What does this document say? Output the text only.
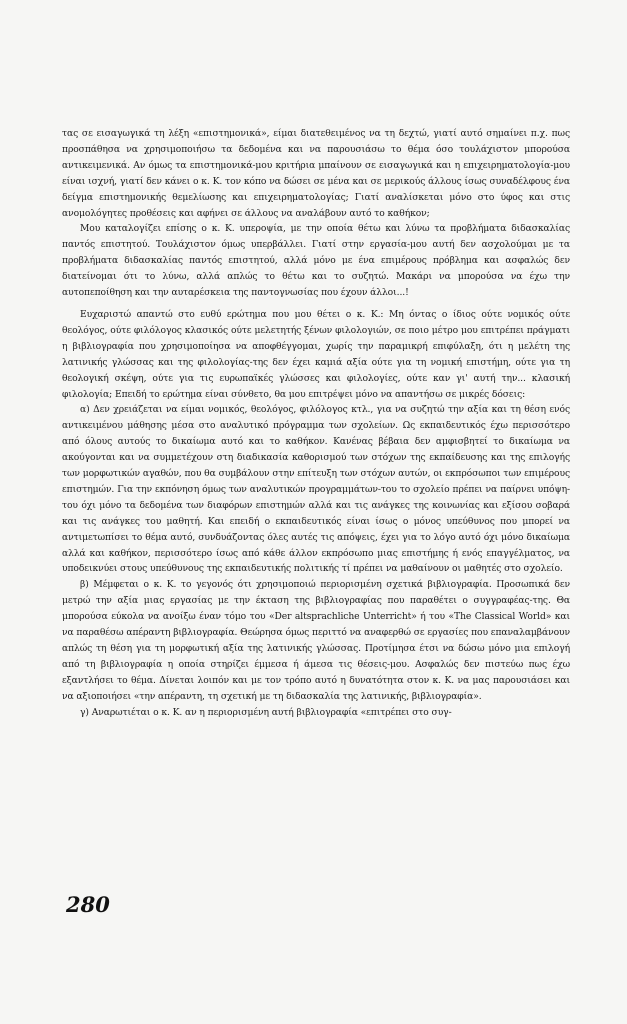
τας σε εισαγωγικά τη λέξη «επιστημονικά», είμαι διατεθειμένος να τη δεχτώ, γιατί αυτό σημαίνει π.χ. πως προσπάθησα να χρησιμοποιήσω τα δεδομένα και να παρουσιάσω το θέμα όσο τουλάχιστον μπορούσα αντικειμενικά. Αν όμως τα επιστημονικά-μου κριτήρια μπαίνουν σε εισαγωγικά και η επιχειρηματολογία-μου είναι ισχνή, γιατί δεν κάνει ο κ. Κ. τον κόπο να δώσει σε μένα και σε μερικούς άλλους ίσως συναδέλφους ένα δείγμα επιστημονικής θεμελίωσης και επιχειρηματολογίας; Γιατί αναλίσκεται μόνο στο ύφος και στις ανομολόγητες προθέσεις και αφήνει σε άλλους να αναλάβουν αυτό το καθήκον;

Μου καταλογίζει επίσης ο κ. Κ. υπεροψία, με την οποία θέτω και λύνω τα προβλήματα διδασκαλίας παντός επιστητού. Τουλάχιστον όμως υπερβάλλει. Γιατί στην εργασία-μου αυτή δεν ασχολούμαι με τα προβλήματα διδασκαλίας παντός επιστητού, αλλά μόνο με ένα επιμέρους πρόβλημα και ασφαλώς δεν διατείνομαι ότι το λύνω, αλλά απλώς το θέτω και το συζητώ. Μακάρι να μπορούσα να έχω την αυτοπεποίθηση και την αυταρέσκεια της παντογνωσίας που έχουν άλλοι...!

Ευχαριστώ απαντώ στο ευθύ ερώτημα που μου θέτει ο κ. Κ.: Μη όντας ο ίδιος ούτε νομικός ούτε θεολόγος, ούτε φιλόλογος κλασικός ούτε μελετητής ξένων φιλολογιών, σε ποιο μέτρο μου επιτρέπει πράγματι η βιβλιογραφία που χρησιμοποίησα να αποφθέγγομαι, χωρίς την παραμικρή επιφύλαξη, ότι η μελέτη της λατινικής γλώσσας και της φιλολογίας-της δεν έχει καμιά αξία ούτε για τη νομική επιστήμη, ούτε για τη θεολογική σκέψη, ούτε για τις ευρωπαϊκές γλώσσες και φιλολογίες, ούτε καν γι' αυτή την... κλασική φιλολογία; Επειδή το ερώτημα είναι σύνθετο, θα μου επιτρέψει μόνο να απαντήσω σε μικρές δόσεις:

α) Δεν χρειάζεται να είμαι νομικός, θεολόγος, φιλόλογος κτλ., για να συζητώ την αξία και τη θέση ενός αντικειμένου μάθησης μέσα στο αναλυτικό πρόγραμμα των σχολείων. Ως εκπαιδευτικός έχω περισσότερο από όλους αυτούς το δικαίωμα αυτό και το καθήκον. Κανένας βέβαια δεν αμφισβητεί το δικαίωμα να ακούγονται και να συμμετέχουν στη διαδικασία καθορισμού των στόχων της εκπαίδευσης και της επιλογής των μορφωτικών αγαθών, που θα συμβάλουν στην επίτευξη των στόχων αυτών, οι εκπρόσωποι των επιμέρους επιστημών. Για την εκπόνηση όμως των αναλυτικών προγραμμάτων-του το σχολείο πρέπει να παίρνει υπόψη-του όχι μόνο τα δεδομένα των διαφόρων επιστημών αλλά και τις ανάγκες της κοινωνίας και εξίσου σοβαρά και τις ανάγκες του μαθητή. Και επειδή ο εκπαιδευτικός είναι ίσως ο μόνος υπεύθυνος που μπορεί να αντιμετωπίσει το θέμα αυτό, συνδυάζοντας όλες αυτές τις απόψεις, έχει για το λόγο αυτό όχι μόνο δικαίωμα αλλά και καθήκον, περισσότερο ίσως από κάθε άλλον εκπρόσωπο μιας επιστήμης ή ενός επαγγέλματος, να υποδεικνύει στους υπεύθυνους της εκπαιδευτικής πολιτικής τί πρέπει να μαθαίνουν οι μαθητές στο σχολείο.

β) Μέμφεται ο κ. Κ. το γεγονός ότι χρησιμοποιώ περιορισμένη σχετικά βιβλιογραφία. Προσωπικά δεν μετρώ την αξία μιας εργασίας με την έκταση της βιβλιογραφίας που παραθέτει ο συγγραφέας-της. Θα μπορούσα εύκολα να ανοίξω έναν τόμο του «Der altsprachliche Unterricht» ή του «The Classical World» και να παραθέσω απέραντη βιβλιογραφία. Θεώρησα όμως περιττό να αναφερθώ σε εργασίες που επαναλαμβάνουν απλώς τη θέση για τη μορφωτική αξία της λατινικής γλώσσας. Προτίμησα έτσι να δώσω μόνο μια επιλογή από τη βιβλιογραφία η οποία στηρίζει έμμεσα ή άμεσα τις θέσεις-μου. Ασφαλώς δεν πιστεύω πως έχω εξαντλήσει το θέμα. Δίνεται λοιπόν και με τον τρόπο αυτό η δυνατότητα στον κ. Κ. να μας παρουσιάσει και να αξιοποιήσει «την απέραντη, τη σχετική με τη διδασκαλία της λατινικής, βιβλιογραφία».

γ) Αναρωτιέται ο κ. Κ. αν η περιορισμένη αυτή βιβλιογραφία «επιτρέπει στο συγ-

280
